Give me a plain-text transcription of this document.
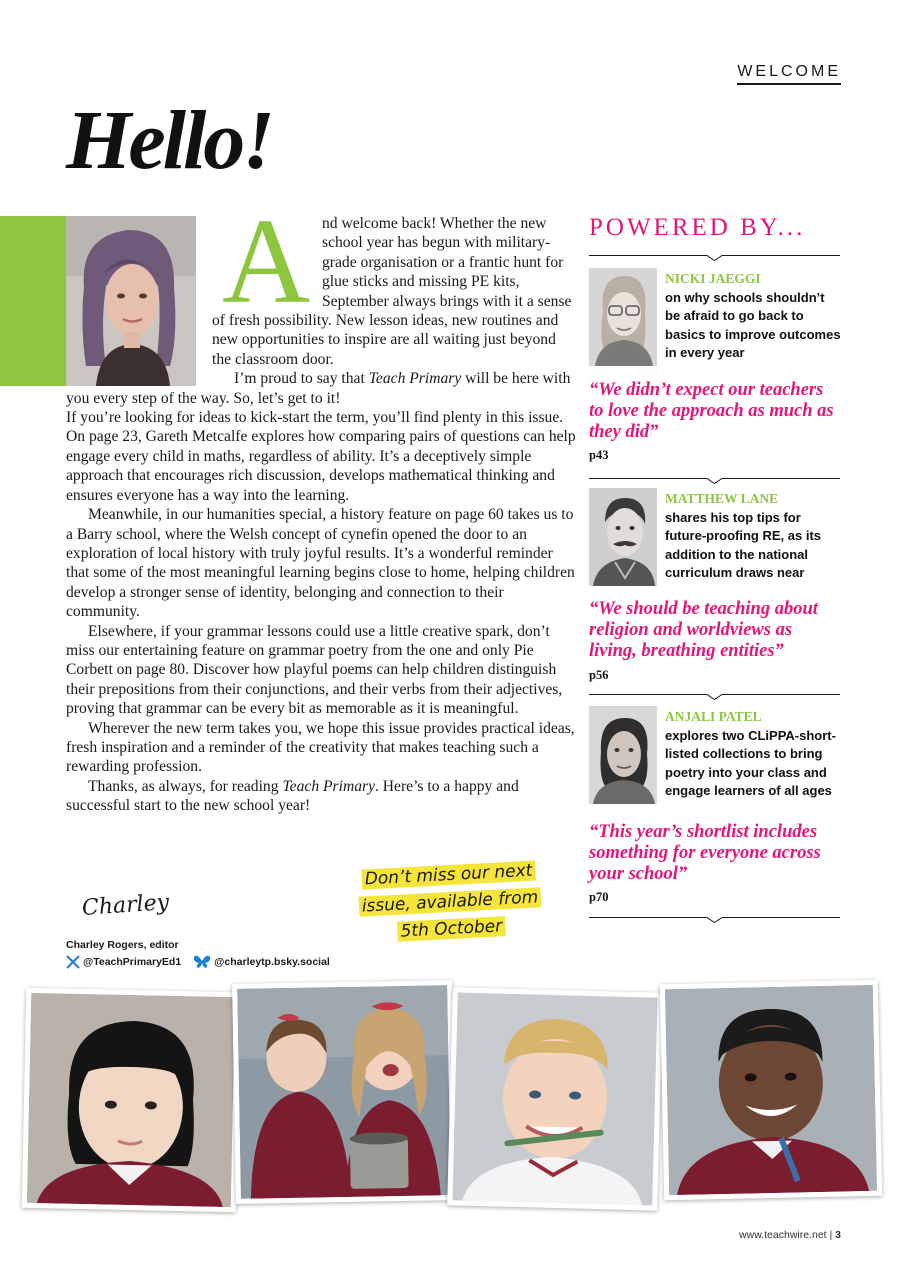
WELCOME
Hello!

A nd welcome back! Whether the new school year has begun with military-grade organisation or a frantic hunt for glue sticks and missing PE kits, September always brings with it a sense of fresh possibility. New lesson ideas, new routines and new opportunities to inspire are all waiting just beyond the classroom door.

I’m proud to say that Teach Primary will be here with you every step of the way. So, let’s get to it!

If you’re looking for ideas to kick-start the term, you’ll find plenty in this issue. On page 23, Gareth Metcalfe explores how comparing pairs of questions can help engage every child in maths, regardless of ability. It’s a deceptively simple approach that encourages rich discussion, develops mathematical thinking and ensures everyone has a way into the learning.

Meanwhile, in our humanities special, a history feature on page 60 takes us to a Barry school, where the Welsh concept of cynefin opened the door to an exploration of local history with truly joyful results. It’s a wonderful reminder that some of the most meaningful learning begins close to home, helping children develop a stronger sense of identity, belonging and connection to their community.

Elsewhere, if your grammar lessons could use a little creative spark, don’t miss our entertaining feature on grammar poetry from the one and only Pie Corbett on page 80. Discover how playful poems can help children distinguish their prepositions from their conjunctions, and their verbs from their adjectives, proving that grammar can be every bit as memorable as it is meaningful.

Wherever the new term takes you, we hope this issue provides practical ideas, fresh inspiration and a reminder of the creativity that makes teaching such a rewarding profession.

Thanks, as always, for reading Teach Primary. Here’s to a happy and successful start to the new school year!

Charley
Charley Rogers, editor
@TeachPrimaryEd1	@charleytp.bsky.social
Don’t miss our next
issue, available from
5th October
POWERED BY...
NICKI JAEGGI
on why schools shouldn’t be afraid to go back to basics to improve outcomes in every year
“We didn’t expect our teachers to love the approach as much as they did”
p43
MATTHEW LANE
shares his top tips for future-proofing RE, as its addition to the national curriculum draws near
“We should be teaching about religion and worldviews as living, breathing entities”
p56
ANJALI PATEL
explores two CLiPPA-short-listed collections to bring poetry into your class and engage learners of all ages
“This year’s shortlist includes something for everyone across your school”
p70
www.teachwire.net | 3
